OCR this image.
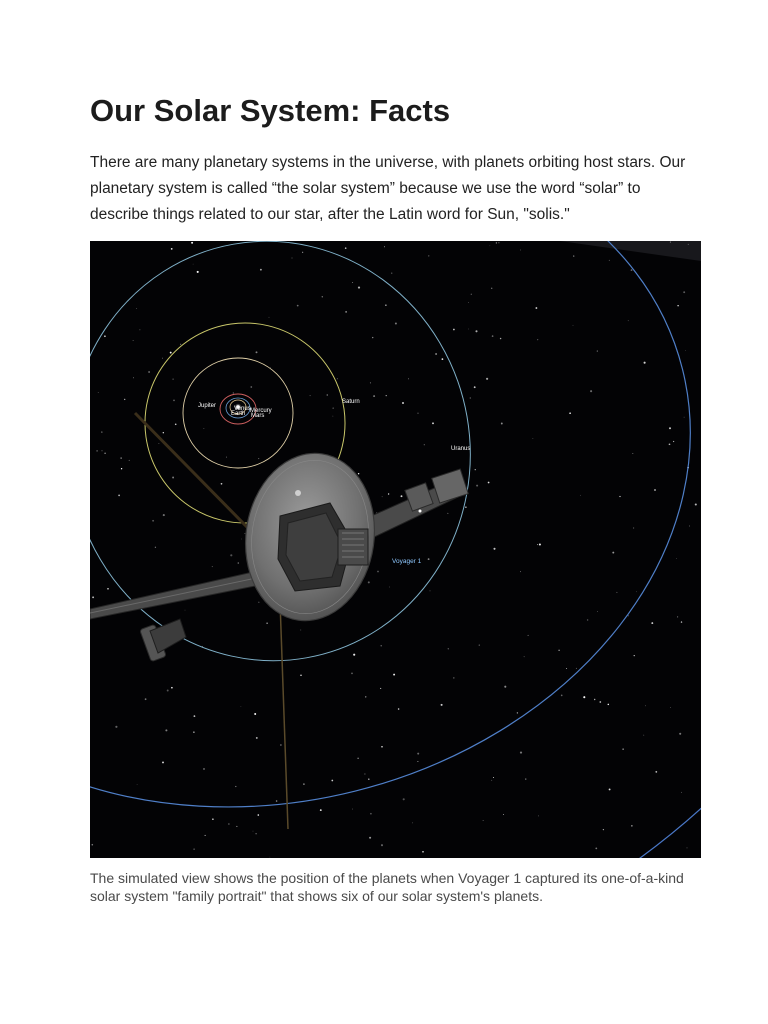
Our Solar System: Facts

There are many planetary systems in the universe, with planets orbiting host stars. Our planetary system is called “the solar system” because we use the word “solar” to describe things related to our star, after the Latin word for Sun, "solis."

Jupiter
Saturn
Uranus
Earth Mercury
Venus
Mars
Voyager 1

The simulated view shows the position of the planets when Voyager 1 captured its one-of-a-kind solar system "family portrait" that shows six of our solar system's planets.
